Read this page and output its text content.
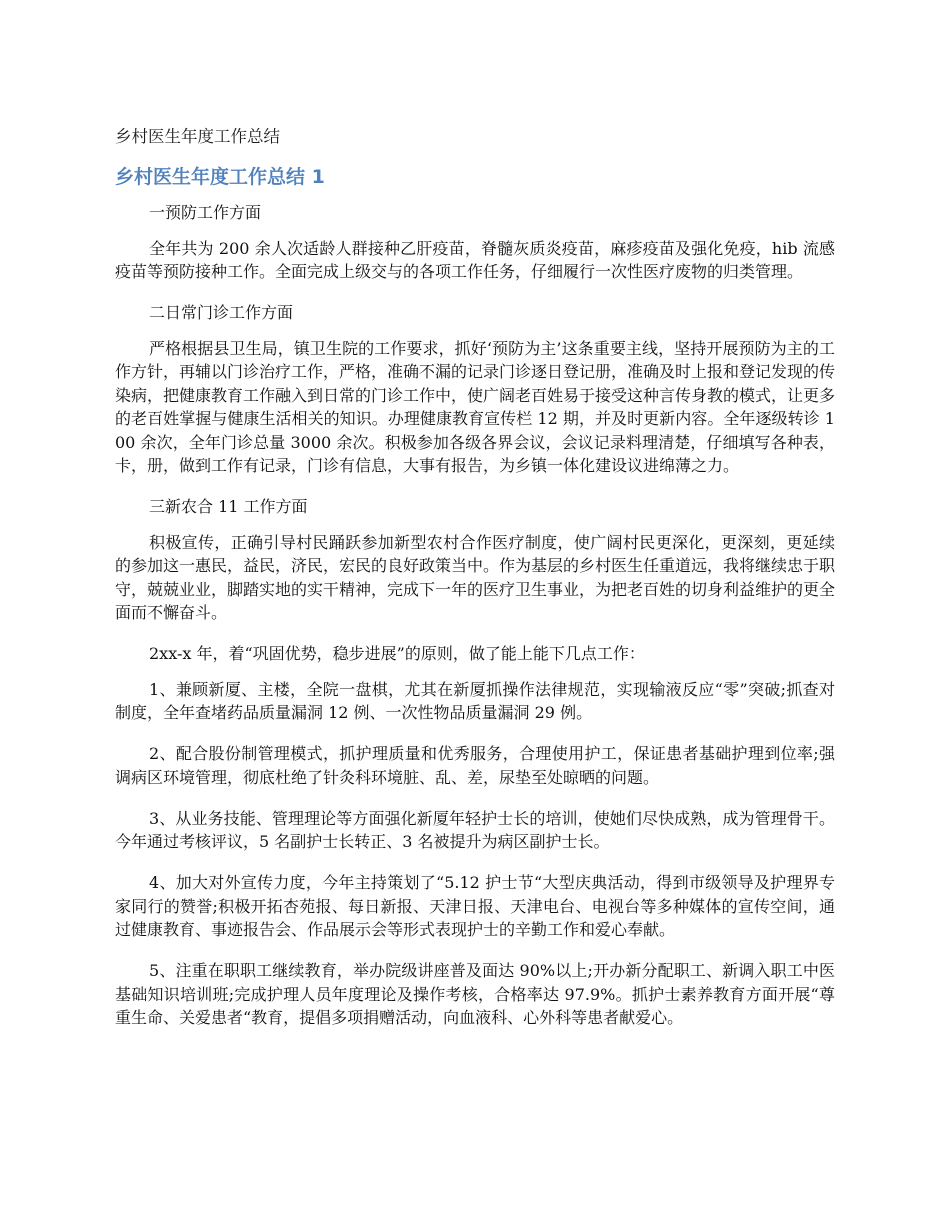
乡村医生年度工作总结
乡村医生年度工作总结 1

一预防工作方面

全年共为 200 余人次适龄人群接种乙肝疫苗，脊髓灰质炎疫苗，麻疹疫苗及强化免疫，hib 流感疫苗等预防接种工作。全面完成上级交与的各项工作任务，仔细履行一次性医疗废物的归类管理。

二日常门诊工作方面

严格根据县卫生局，镇卫生院的工作要求，抓好‘预防为主’这条重要主线，坚持开展预防为主的工作方针，再辅以门诊治疗工作，严格，准确不漏的记录门诊逐日登记册，准确及时上报和登记发现的传染病，把健康教育工作融入到日常的门诊工作中，使广阔老百姓易于接受这种言传身教的模式，让更多的老百姓掌握与健康生活相关的知识。办理健康教育宣传栏 12 期，并及时更新内容。全年逐级转诊 100 余次，全年门诊总量 3000 余次。积极参加各级各界会议，会议记录料理清楚，仔细填写各种表，卡，册，做到工作有记录，门诊有信息，大事有报告，为乡镇一体化建设议进绵薄之力。

三新农合 11 工作方面

积极宣传，正确引导村民踊跃参加新型农村合作医疗制度，使广阔村民更深化，更深刻，更延续的参加这一惠民，益民，济民，宏民的良好政策当中。作为基层的乡村医生任重道远，我将继续忠于职守，兢兢业业，脚踏实地的实干精神，完成下一年的医疗卫生事业，为把老百姓的切身利益维护的更全面而不懈奋斗。

2xx-x 年，着“巩固优势，稳步进展”的原则，做了能上能下几点工作：

1、兼顾新厦、主楼，全院一盘棋，尤其在新厦抓操作法律规范，实现输液反应“零”突破;抓查对制度，全年查堵药品质量漏洞 12 例、一次性物品质量漏洞 29 例。

2、配合股份制管理模式，抓护理质量和优秀服务，合理使用护工，保证患者基础护理到位率;强调病区环境管理，彻底杜绝了针灸科环境脏、乱、差，尿垫至处晾晒的问题。

3、从业务技能、管理理论等方面强化新厦年轻护士长的培训，使她们尽快成熟，成为管理骨干。今年通过考核评议，5 名副护士长转正、3 名被提升为病区副护士长。

4、加大对外宣传力度，今年主持策划了“5.12 护士节“大型庆典活动，得到市级领导及护理界专家同行的赞誉;积极开拓杏苑报、每日新报、天津日报、天津电台、电视台等多种媒体的宣传空间，通过健康教育、事迹报告会、作品展示会等形式表现护士的辛勤工作和爱心奉献。

5、注重在职职工继续教育，举办院级讲座普及面达 90%以上;开办新分配职工、新调入职工中医基础知识培训班;完成护理人员年度理论及操作考核，合格率达 97.9%。抓护士素养教育方面开展“尊重生命、关爱患者“教育，提倡多项捐赠活动，向血液科、心外科等患者献爱心。
